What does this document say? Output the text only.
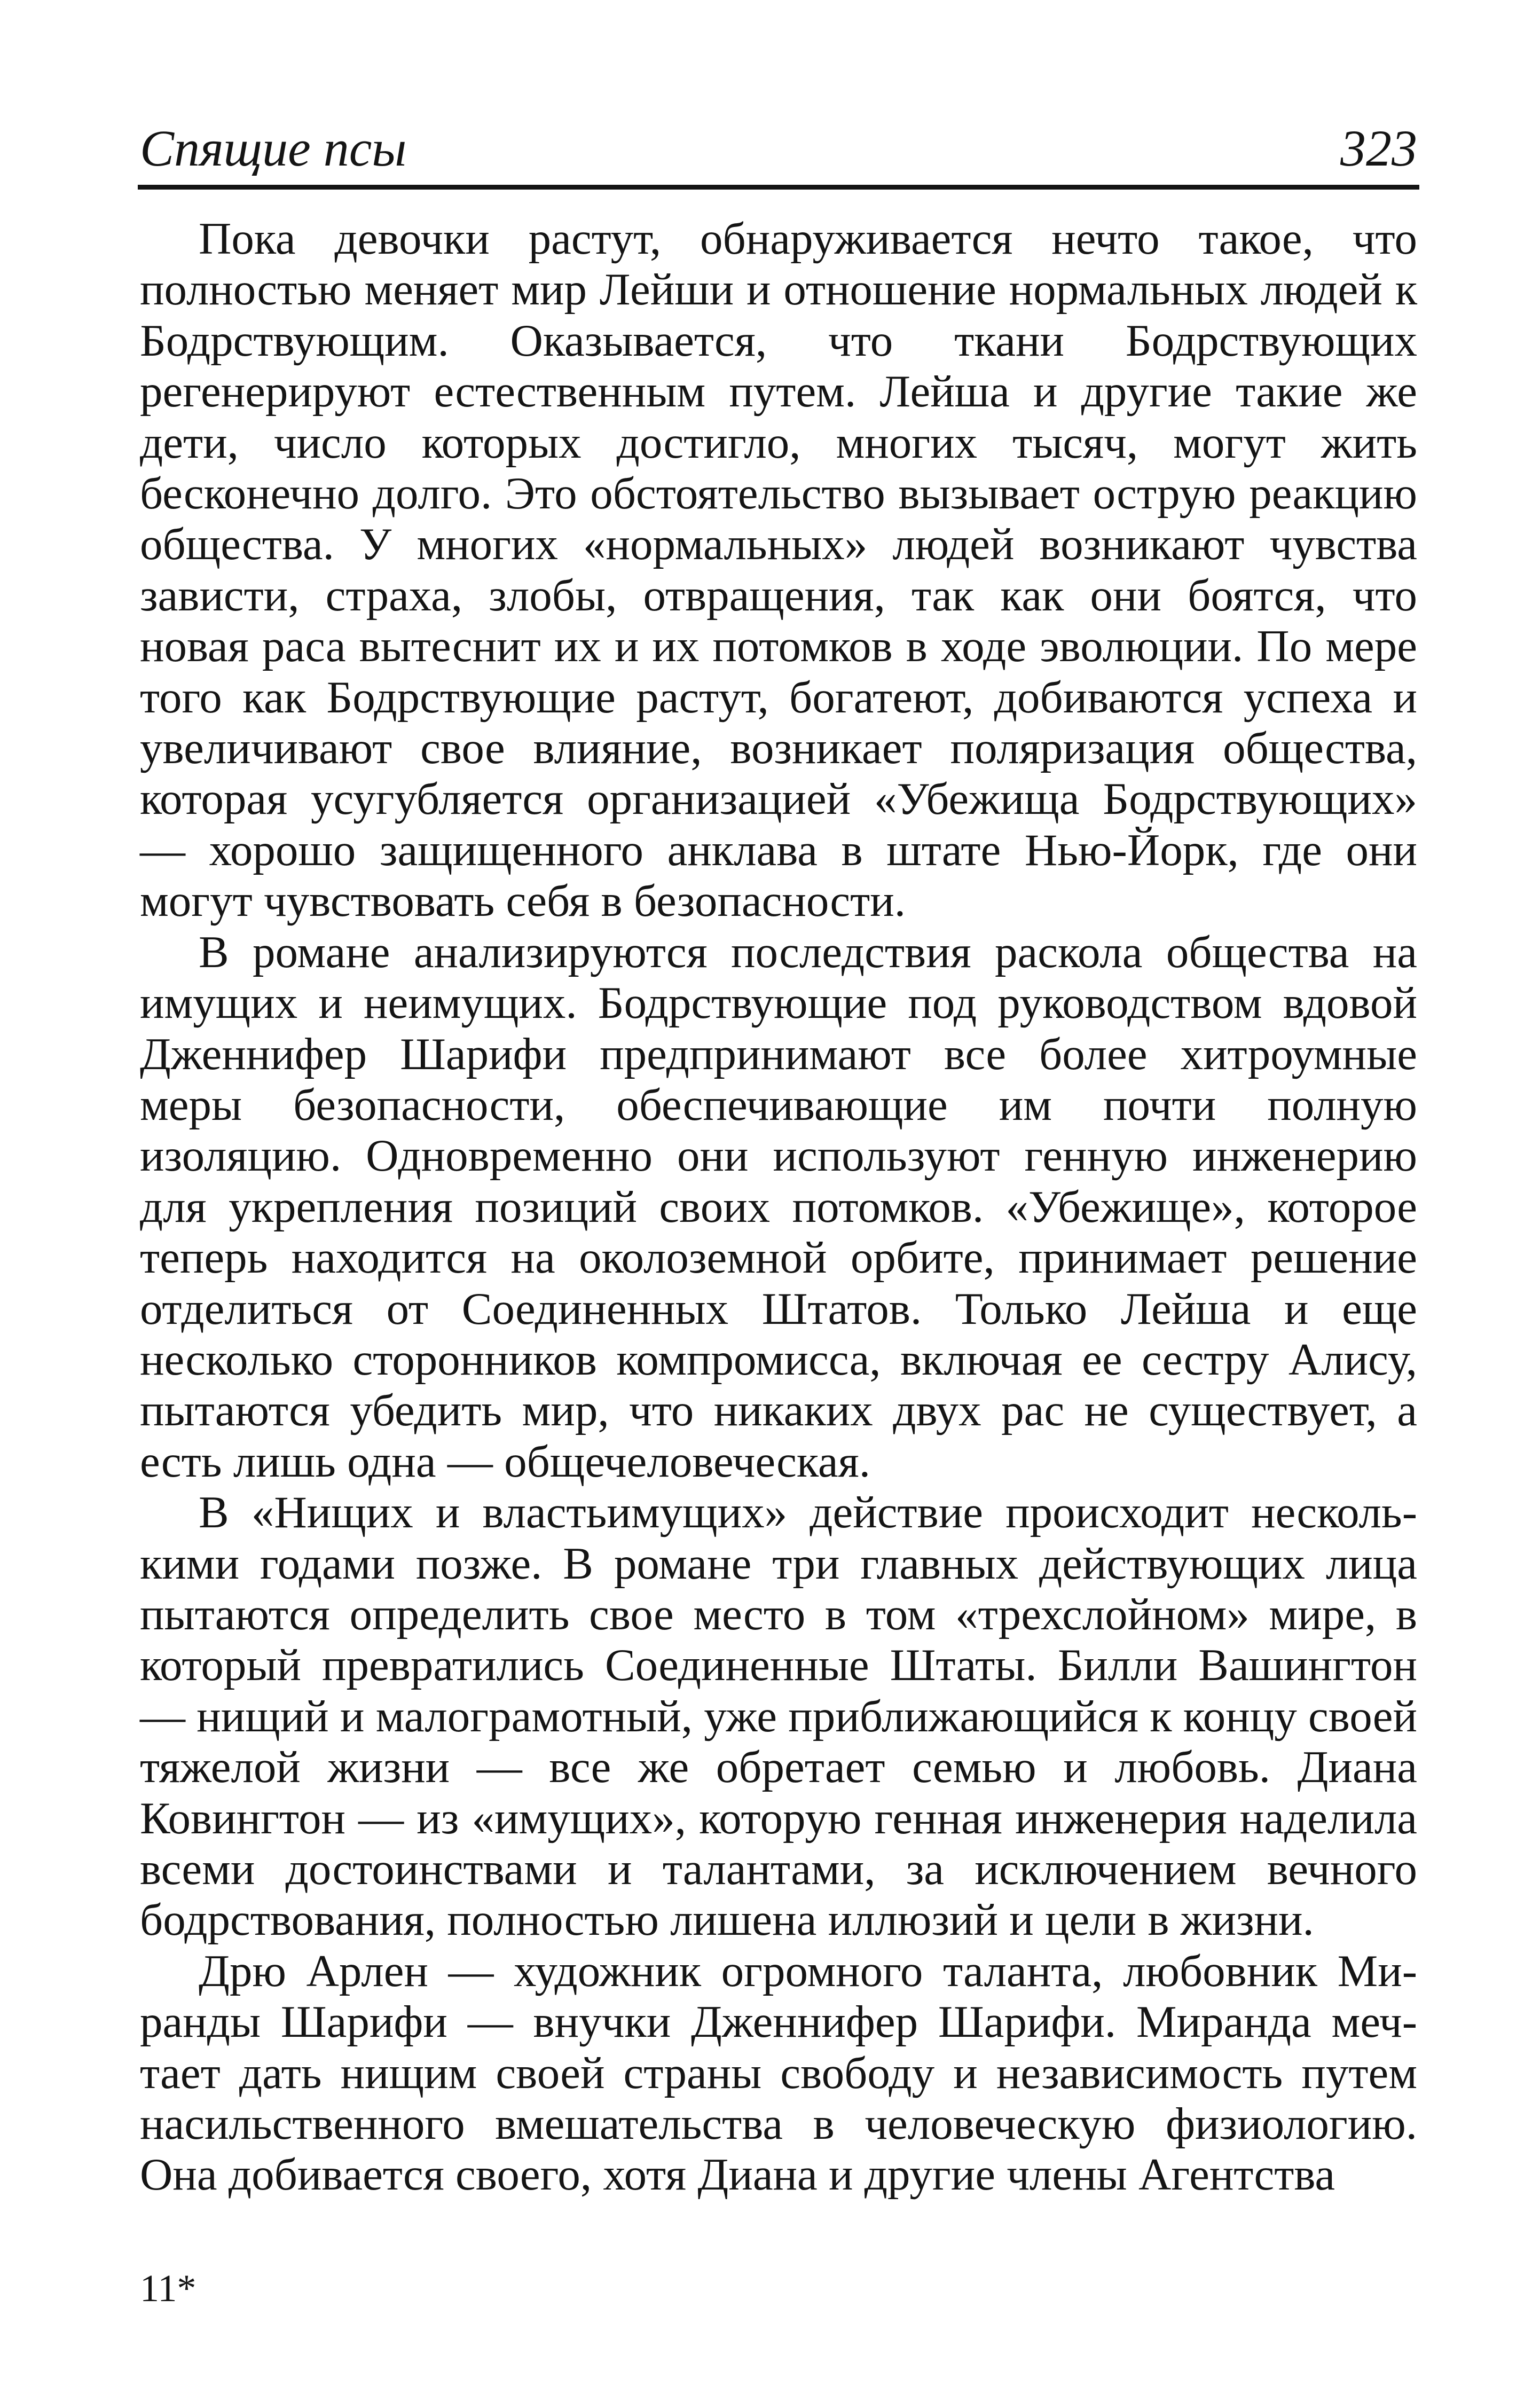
Спящие псы	323

Пока девочки растут, обнаруживается нечто такое, что полностью меняет мир Лейши и отношение нормальных людей к Бодрствующим. Оказывается, что ткани Бодрствующих регенерируют естественным путем. Лейша и другие такие же дети, число которых достигло, многих тысяч, могут жить бесконечно долго. Это обстоятельство вызывает острую реакцию общества. У многих «нормальных» людей возникают чувства зависти, страха, злобы, отвращения, так как они боятся, что новая раса вытеснит их и их потомков в ходе эволюции. По мере того как Бодрствующие растут, богатеют, добиваются успеха и увеличивают свое влияние, возникает поляризация общества, которая усугубляется организацией «Убежища Бодрствующих» — хорошо защищенного анклава в штате Нью-Йорк, где они могут чувствовать себя в безопасности.

В романе анализируются последствия раскола общества на имущих и неимущих. Бодрствующие под руководством вдовой Дженнифер Шарифи предпринимают все более хитроумные меры безопасности, обеспечивающие им почти полную изоляцию. Одновременно они используют генную инженерию для укрепления позиций своих потомков. «Убежище», которое теперь находится на околоземной орбите, принимает решение отделиться от Соединенных Штатов. Только Лейша и еще несколько сторонников компромисса, включая ее сестру Алису, пытаются убедить мир, что никаких двух рас не существует, а есть лишь одна — общечеловеческая.

В «Нищих и властьимущих» действие происходит несколькими годами позже. В романе три главных действующих лица пытаются определить свое место в том «трехслойном» мире, в который превратились Соединенные Штаты. Билли Вашингтон — нищий и малограмотный, уже приближающийся к концу своей тяжелой жизни — все же обретает семью и любовь. Диана Ковингтон — из «имущих», которую генная инженерия наделила всеми достоинствами и талантами, за исключением вечного бодрствования, полностью лишена иллюзий и цели в жизни.

Дрю Арлен — художник огромного таланта, любовник Миранды Шарифи — внучки Дженнифер Шарифи. Миранда мечтает дать нищим своей страны свободу и независимость путем насильственного вмешательства в человеческую физиологию. Она добивается своего, хотя Диана и другие члены Агентства

11*
